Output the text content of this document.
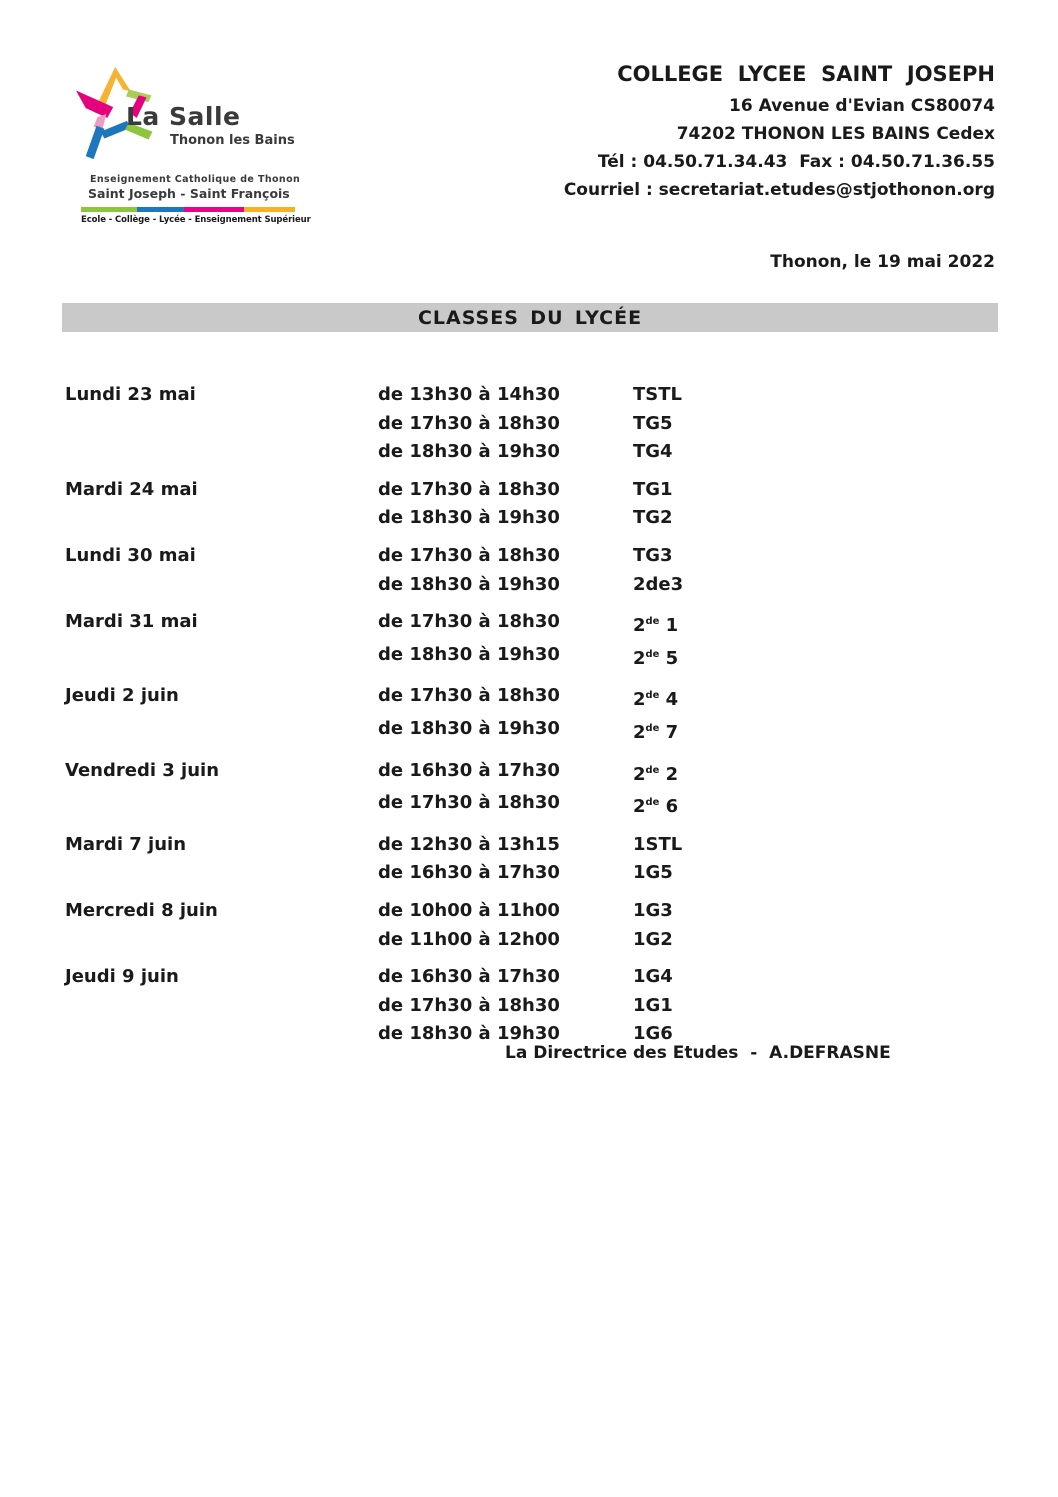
La Salle
Thonon les Bains
Enseignement Catholique de Thonon
Saint Joseph - Saint François
Ecole - Collège - Lycée - Enseignement Supérieur
COLLEGE LYCEE SAINT JOSEPH
16 Avenue d'Evian CS80074
74202 THONON LES BAINS Cedex
Tél : 04.50.71.34.43  Fax : 04.50.71.36.55
Courriel : secretariat.etudes@stjothonon.org
Thonon, le 19 mai 2022
CLASSES DU LYCÉE
Lundi 23 mai	de 13h30 à 14h30	TSTL
de 17h30 à 18h30	TG5
de 18h30 à 19h30	TG4
Mardi 24 mai	de 17h30 à 18h30	TG1
de 18h30 à 19h30	TG2
Lundi 30 mai	de 17h30 à 18h30	TG3
de 18h30 à 19h30	2de3
Mardi 31 mai	de 17h30 à 18h30	2de 1
de 18h30 à 19h30	2de 5
Jeudi 2 juin	de 17h30 à 18h30	2de 4
de 18h30 à 19h30	2de 7
Vendredi 3 juin	de 16h30 à 17h30	2de 2
de 17h30 à 18h30	2de 6
Mardi 7 juin	de 12h30 à 13h15	1STL
de 16h30 à 17h30	1G5
Mercredi 8 juin	de 10h00 à 11h00	1G3
de 11h00 à 12h00	1G2
Jeudi 9 juin	de 16h30 à 17h30	1G4
de 17h30 à 18h30	1G1
de 18h30 à 19h30	1G6
La Directrice des Etudes  -  A.DEFRASNE
